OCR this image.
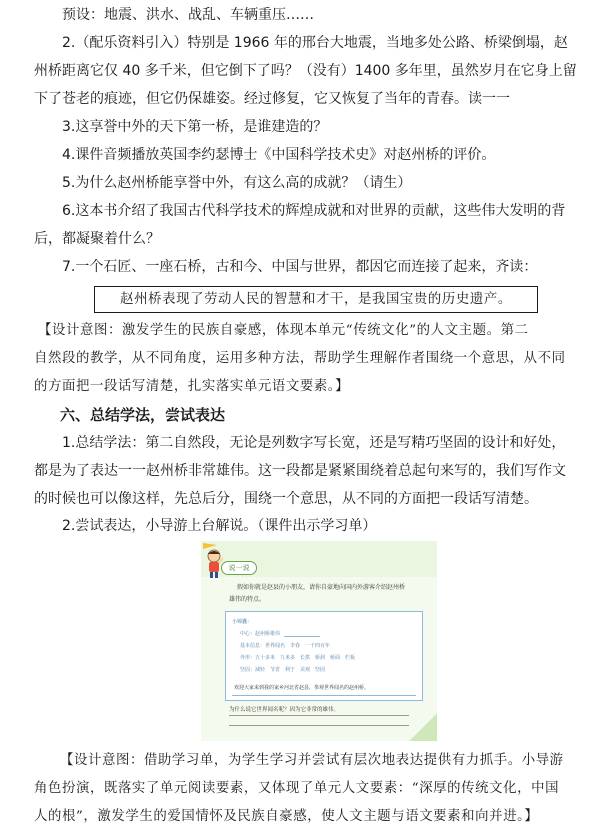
预设：地震、洪水、战乱、车辆重压……
2.（配乐资料引入）特别是 1966 年的邢台大地震，当地多处公路、桥梁倒塌，赵
州桥距离它仅 40 多千米，但它倒下了吗？（没有）1400 多年里，虽然岁月在它身上留
下了苍老的痕迹，但它仍保雄姿。经过修复，它又恢复了当年的青春。读一一
3.这享誉中外的天下第一桥，是谁建造的？
4.课件音频播放英国李约瑟博士《中国科学技术史》对赵州桥的评价。
5.为什么赵州桥能享誉中外，有这么高的成就？（请生）
6.这本书介绍了我国古代科学技术的辉煌成就和对世界的贡献，这些伟大发明的背
后，都凝聚着什么？
7.一个石匠、一座石桥，古和今、中国与世界，都因它而连接了起来，齐读：
赵州桥表现了劳动人民的智慧和才干，是我国宝贵的历史遗产。
【设计意图：激发学生的民族自豪感，体现本单元“传统文化”的人文主题。第二
自然段的教学，从不同角度，运用多种方法，帮助学生理解作者围绕一个意思，从不同
的方面把一段话写清楚，扎实落实单元语文要素。】
六、总结学法，尝试表达
1.总结学法：第二自然段，无论是列数字写长宽，还是写精巧坚固的设计和好处，
都是为了表达一一赵州桥非常雄伟。这一段都是紧紧围绕着总起句来写的，我们写作文
的时候也可以像这样，先总后分，围绕一个意思，从不同的方面把一段话写清楚。
2.尝试表达，小导游上台解说。（课件出示学习单）
说一说
假如你就是赵县的小朋友，请你自豪地向国内外游客介绍赵州桥
雄伟的特点。
小锦囊：
中心：赵州桥雄伟
基本信息：世界闻名　李春　一千四百年
外形：五十多米　九米多　长拱　桥洞　桥面　栏板
坚固：减轻　节省　利于　美观　坚固
欢迎大家来到我的家乡河北省赵县，参观世界闻名的赵州桥。
为什么说它世界闻名呢？因为它非常的雄伟。
【设计意图：借助学习单，为学生学习并尝试有层次地表达提供有力抓手。小导游
角色扮演，既落实了单元阅读要素，又体现了单元人文要素：“深厚的传统文化，中国
人的根”，激发学生的爱国情怀及民族自豪感，使人文主题与语文要素和向并进。】
